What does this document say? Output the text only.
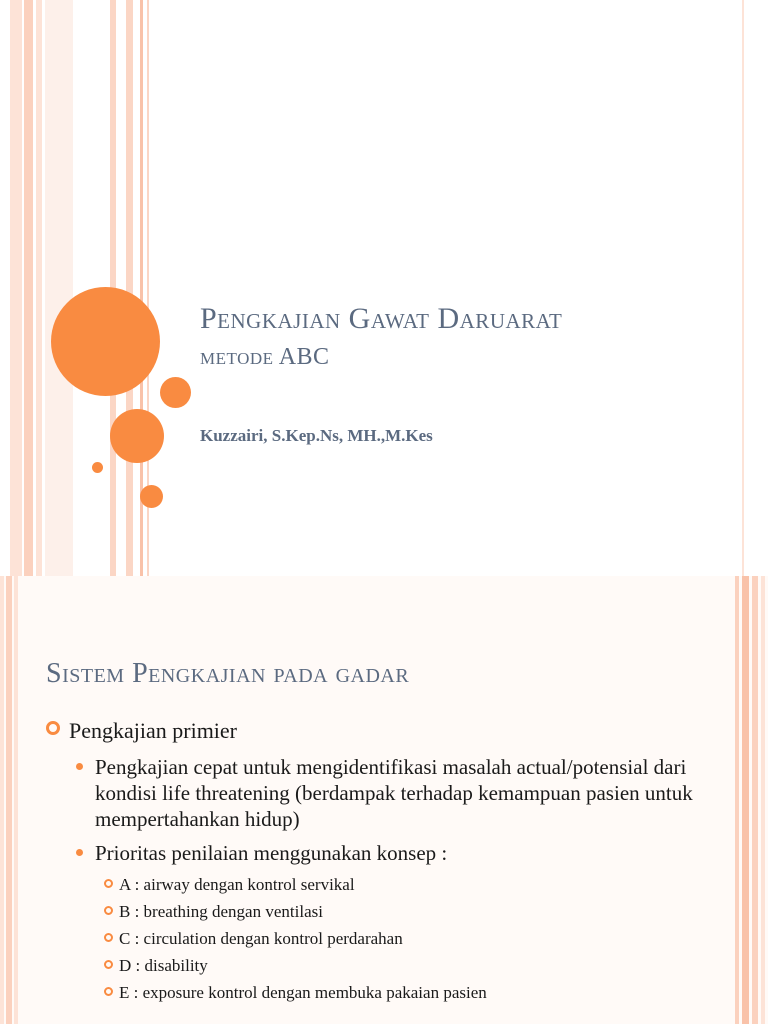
Pengkajian Gawat Daruarat
metode ABC
Kuzzairi, S.Kep.Ns, MH.,M.Kes
Sistem Pengkajian pada gadar
Pengkajian primier
Pengkajian cepat untuk mengidentifikasi masalah actual/potensial dari kondisi life threatening (berdampak terhadap kemampuan pasien untuk mempertahankan hidup)
Prioritas penilaian menggunakan konsep :
A : airway dengan kontrol servikal
B : breathing dengan ventilasi
C : circulation dengan kontrol perdarahan
D : disability
E : exposure kontrol dengan membuka pakaian pasien
